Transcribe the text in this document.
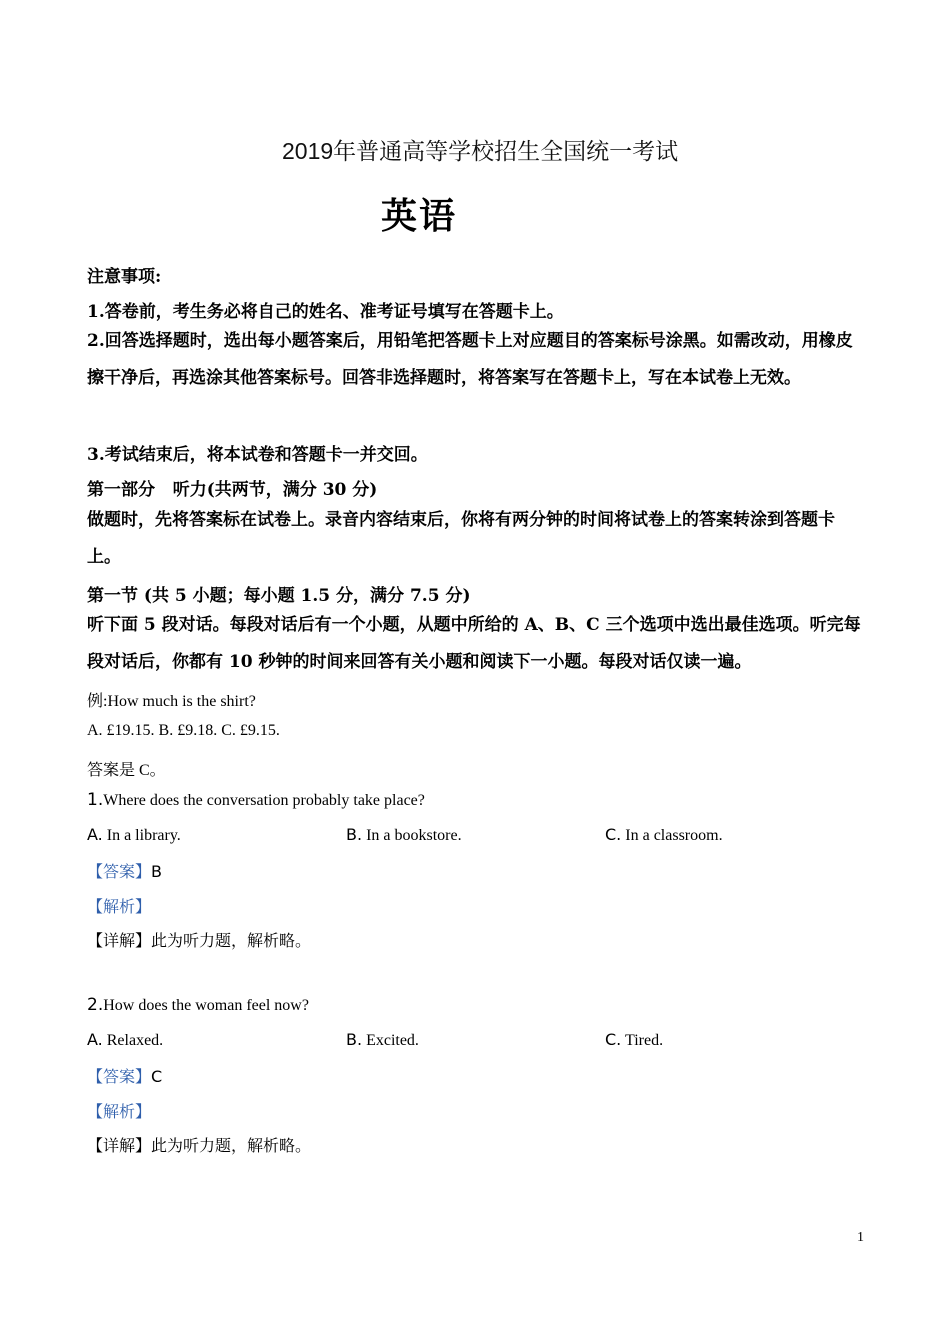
2019年普通高等学校招生全国统一考试
英语
注意事项:
1.答卷前，考生务必将自己的姓名、准考证号填写在答题卡上。
2.回答选择题时，选出每小题答案后，用铅笔把答题卡上对应题目的答案标号涂黑。如需改动，用橡皮擦干净后，再选涂其他答案标号。回答非选择题时，将答案写在答题卡上，写在本试卷上无效。
3.考试结束后，将本试卷和答题卡一并交回。
第一部分   听力(共两节，满分 30 分)
做题时，先将答案标在试卷上。录音内容结束后，你将有两分钟的时间将试卷上的答案转涂到答题卡上。
第一节 (共 5 小题；每小题 1.5 分，满分 7.5 分)
听下面 5 段对话。每段对话后有一个小题，从题中所给的 A、B、C 三个选项中选出最佳选项。听完每段对话后，你都有 10 秒钟的时间来回答有关小题和阅读下一小题。每段对话仅读一遍。
例:How much is the shirt?
A. £19.15. B. £9.18. C. £9.15.
答案是 C。
1.Where does the conversation probably take place?
A. In a library.	B. In a bookstore.	C. In a classroom.
【答案】B
【解析】
【详解】此为听力题，解析略。
2.How does the woman feel now?
A. Relaxed.	B. Excited.	C. Tired.
【答案】C
【解析】
【详解】此为听力题，解析略。
1
